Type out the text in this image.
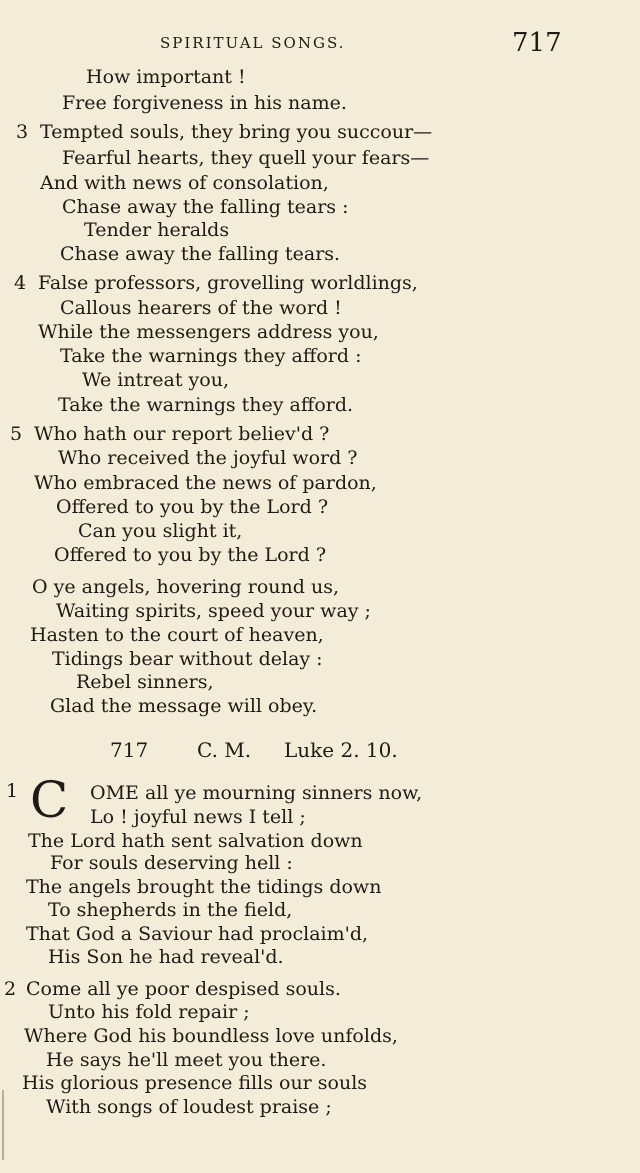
SPIRITUAL SONGS.	717
How important !
Free forgiveness in his name.
3 Tempted souls, they bring you succour—
Fearful hearts, they quell your fears—
And with news of consolation,
Chase away the falling tears :
Tender heralds
Chase away the falling tears.
4 False professors, grovelling worldlings,
Callous hearers of the word !
While the messengers address you,
Take the warnings they afford :
We intreat you,
Take the warnings they afford.
5 Who hath our report believ'd ?
Who received the joyful word ?
Who embraced the news of pardon,
Offered to you by the Lord ?
Can you slight it,
Offered to you by the Lord ?
O ye angels, hovering round us,
Waiting spirits, speed your way ;
Hasten to the court of heaven,
Tidings bear without delay :
Rebel sinners,
Glad the message will obey.
717 C. M. Luke 2. 10.
1 C OME all ye mourning sinners now,
Lo ! joyful news I tell ;
The Lord hath sent salvation down
For souls deserving hell :
The angels brought the tidings down
To shepherds in the field,
That God a Saviour had proclaim'd,
His Son he had reveal'd.
2 Come all ye poor despised souls.
Unto his fold repair ;
Where God his boundless love unfolds,
He says he'll meet you there.
His glorious presence fills our souls
With songs of loudest praise ;
